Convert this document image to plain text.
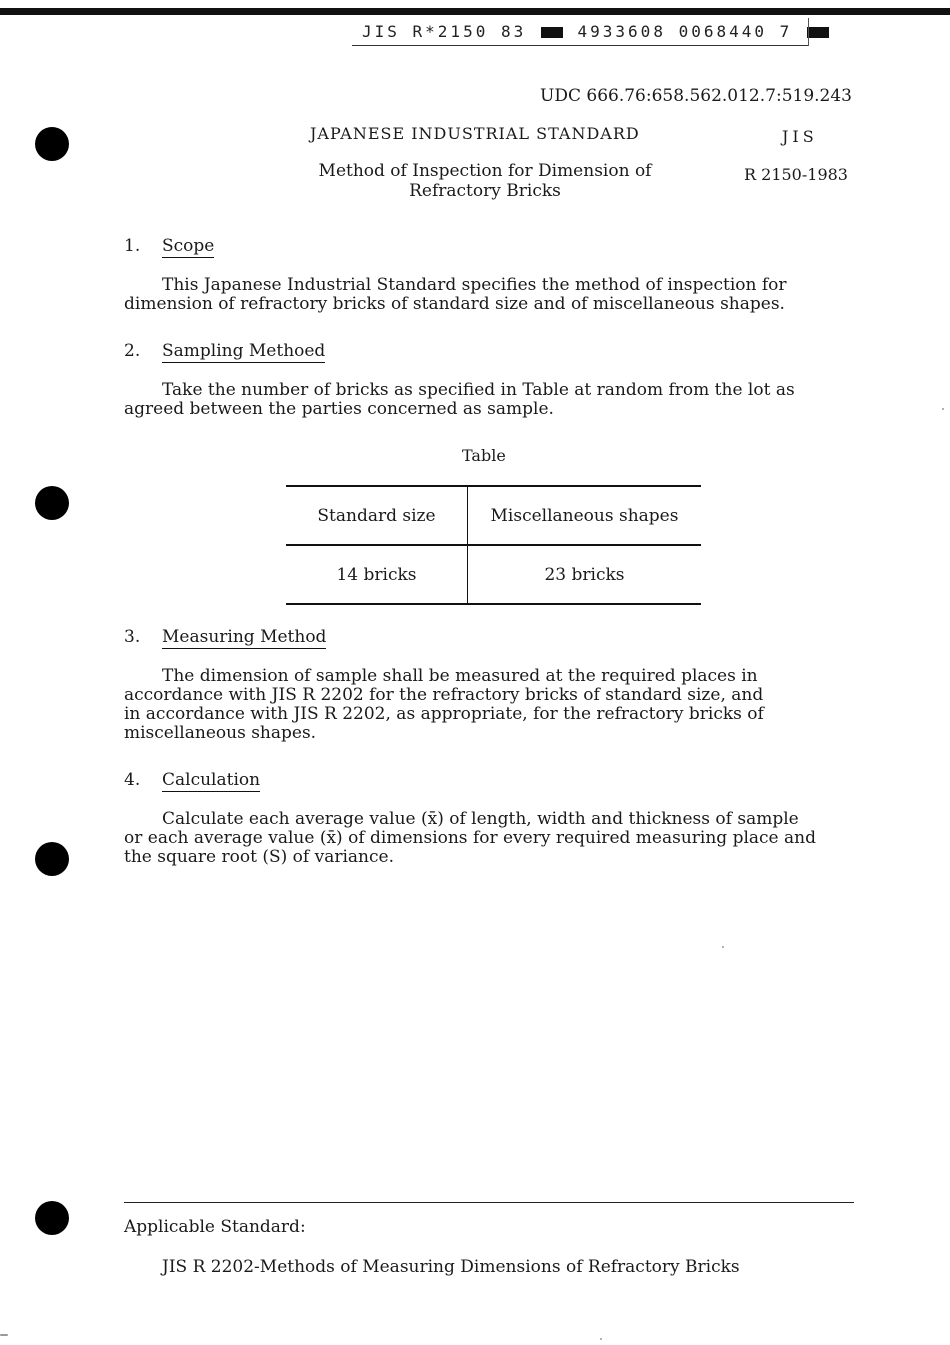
JIS R*2150 83	4933608 0068440 7
UDC 666.76:658.562.012.7:519.243
JAPANESE INDUSTRIAL STANDARD	JIS
Method of Inspection for Dimension of
Refractory Bricks
R 2150-1983
1. Scope
This Japanese Industrial Standard specifies the method of inspection for
dimension of refractory bricks of standard size and of miscellaneous shapes.
2. Sampling Methoed
Take the number of bricks as specified in Table at random from the lot as
agreed between the parties concerned as sample.
Table
Standard size	Miscellaneous shapes
14 bricks	23 bricks
3. Measuring Method
The dimension of sample shall be measured at the required places in
accordance with JIS R 2202 for the refractory bricks of standard size, and
in accordance with JIS R 2202, as appropriate, for the refractory bricks of
miscellaneous shapes.
4. Calculation
Calculate each average value (x̄) of length, width and thickness of sample
or each average value (x̄) of dimensions for every required measuring place and
the square root (S) of variance.
Applicable Standard:
JIS R 2202-Methods of Measuring Dimensions of Refractory Bricks
